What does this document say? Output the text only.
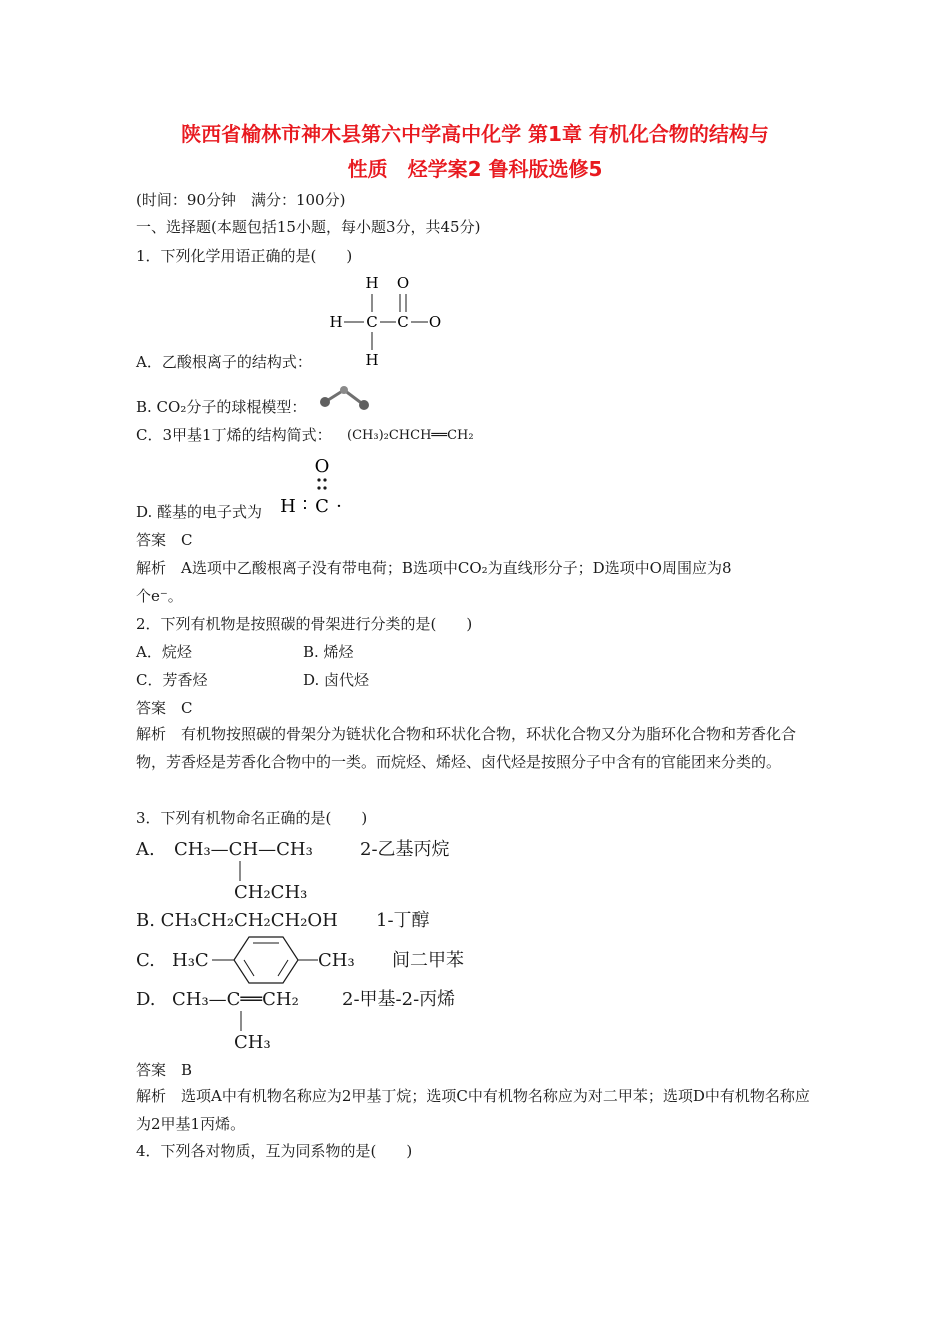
陕西省榆林市神木县第六中学高中化学 第1章 有机化合物的结构与
性质　烃学案2 鲁科版选修5
(时间：90分钟　满分：100分)
一、选择题(本题包括15小题，每小题3分，共45分)
1．下列化学用语正确的是(　　)
H O
H C C O
H
A．乙酸根离子的结构式：
B. CO₂分子的球棍模型：
C．3甲基1丁烯的结构简式： (CH₃)₂CHCH══CH₂
O
H ∶ C ·
D. 醛基的电子式为
答案　C
解析　A选项中乙酸根离子没有带电荷；B选项中CO₂为直线形分子；D选项中O周围应为8
个e⁻。
2．下列有机物是按照碳的骨架进行分类的是(　　)
A．烷烃	B. 烯烃
C．芳香烃	D. 卤代烃
答案　C
解析　有机物按照碳的骨架分为链状化合物和环状化合物，环状化合物又分为脂环化合物和芳香化合物，芳香烃是芳香化合物中的一类。而烷烃、烯烃、卤代烃是按照分子中含有的官能团来分类的。
3．下列有机物命名正确的是(　　)
A. CH₃—CH—CH₃	2-乙基丙烷
CH₂CH₃
B. CH₃CH₂CH₂CH₂OH 1-丁醇
C. H₃C	CH₃ 间二甲苯
D. CH₃—C══CH₂ 2-甲基-2-丙烯
CH₃
答案　B
解析　选项A中有机物名称应为2甲基丁烷；选项C中有机物名称应为对二甲苯；选项D中有机物名称应为2甲基1丙烯。
4．下列各对物质，互为同系物的是(　　)
